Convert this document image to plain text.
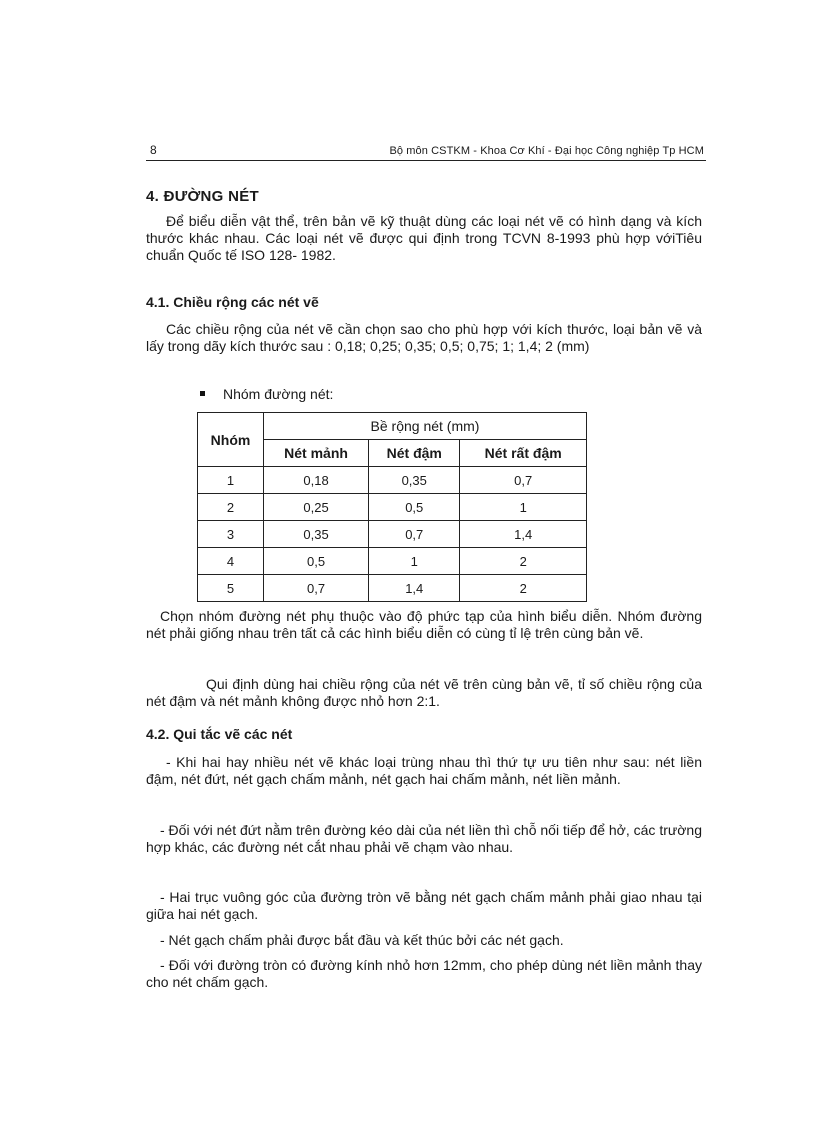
8	Bộ môn CSTKM - Khoa Cơ Khí - Đại học Công nghiệp Tp HCM
4. ĐƯỜNG NÉT
Để biểu diễn vật thể, trên bản vẽ kỹ thuật dùng các loại nét vẽ có hình dạng và kích thước khác nhau. Các loại nét vẽ được qui định trong TCVN 8-1993 phù hợp vớiTiêu chuẩn Quốc tế ISO 128- 1982.
4.1. Chiều rộng các nét vẽ
Các chiều rộng của nét vẽ cần chọn sao cho phù hợp với kích thước, loại bản vẽ và lấy trong dãy kích thước sau : 0,18; 0,25; 0,35; 0,5; 0,75; 1; 1,4; 2 (mm)
Nhóm đường nét:
Nhóm	Bề rộng nét (mm)		
	Nét mảnh	Nét đậm	Nét rất đậm
1	0,18	0,35	0,7
2	0,25	0,5	1
3	0,35	0,7	1,4
4	0,5	1	2
5	0,7	1,4	2
Chọn nhóm đường nét phụ thuộc vào độ phức tạp của hình biểu diễn. Nhóm đường nét phải giống nhau trên tất cả các hình biểu diễn có cùng tỉ lệ trên cùng bản vẽ.
Qui định dùng hai chiều rộng của nét vẽ trên cùng bản vẽ, tỉ số chiều rộng của nét đậm và nét mảnh không được nhỏ hơn 2:1.
4.2. Qui tắc vẽ các nét
- Khi hai hay nhiều nét vẽ khác loại trùng nhau thì thứ tự ưu tiên như sau: nét liền đậm, nét đứt, nét gạch chấm mảnh, nét gạch hai chấm mảnh, nét liền mảnh.
- Đối với nét đứt nằm trên đường kéo dài của nét liền thì chỗ nối tiếp để hở, các trường hợp khác, các đường nét cắt nhau phải vẽ chạm vào nhau.
- Hai trục vuông góc của đường tròn vẽ bằng nét gạch chấm mảnh phải giao nhau tại giữa hai nét gạch.
- Nét gạch chấm phải được bắt đầu và kết thúc bởi các nét gạch.
- Đối với đường tròn có đường kính nhỏ hơn 12mm, cho phép dùng nét liền mảnh thay cho nét chấm gạch.
